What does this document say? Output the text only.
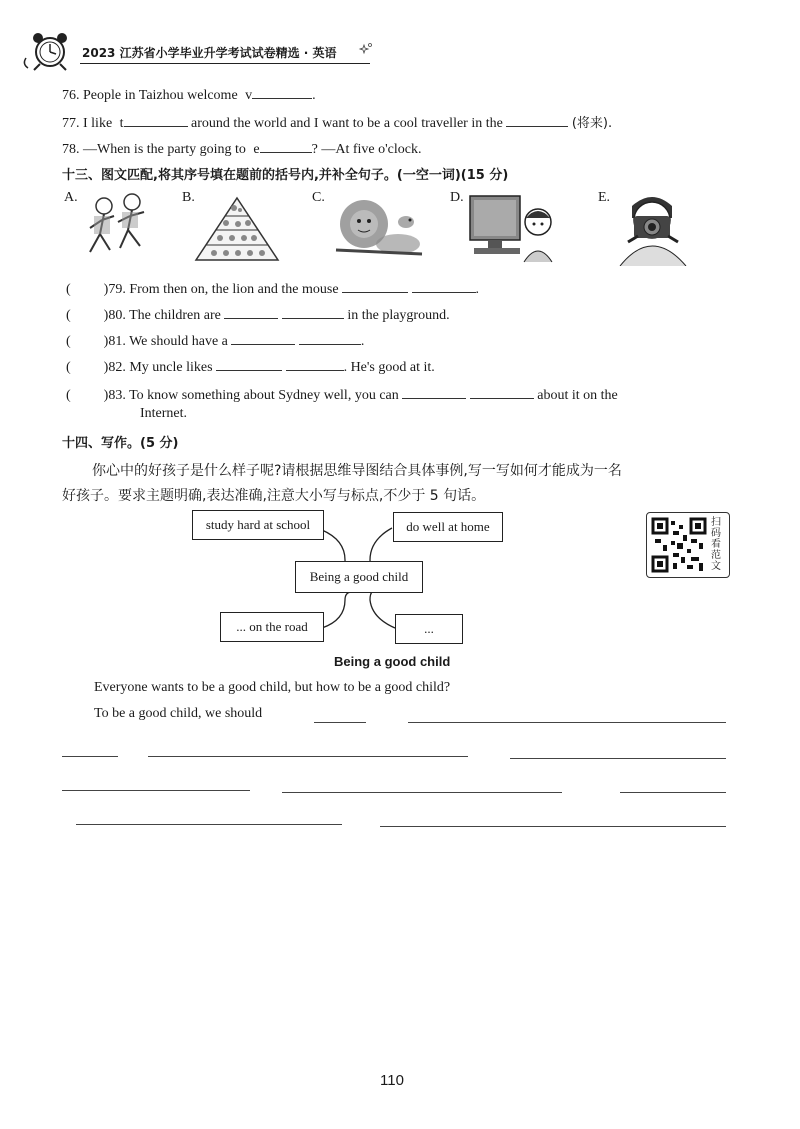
2023 江苏省小学毕业升学考试试卷精选 · 英语
76. People in Taizhou welcome v	.
77. I like t	around the world and I want to be a cool traveller in the	(将来).
78. —When is the party going to e	? —At five o'clock.
十三、图文匹配,将其序号填在题前的括号内,并补全句子。(一空一词)(15 分)
A.	B.	C.	D.	E.
( )79. From then on, the lion and the mouse	.
( )80. The children are	in the playground.
( )81. We should have a	.
( )82. My uncle likes	. He's good at it.
( )83. To know something about Sydney well, you can	about it on the
Internet.
十四、写作。(5 分)
你心中的好孩子是什么样子呢?请根据思维导图结合具体事例,写一写如何才能成为一名
好孩子。要求主题明确,表达准确,注意大小写与标点,不少于 5 句话。
study hard at school	do well at home
Being a good child
... on the road	...
扫码看范文
Being a good child
Everyone wants to be a good child, but how to be a good child?
To be a good child, we should
110
